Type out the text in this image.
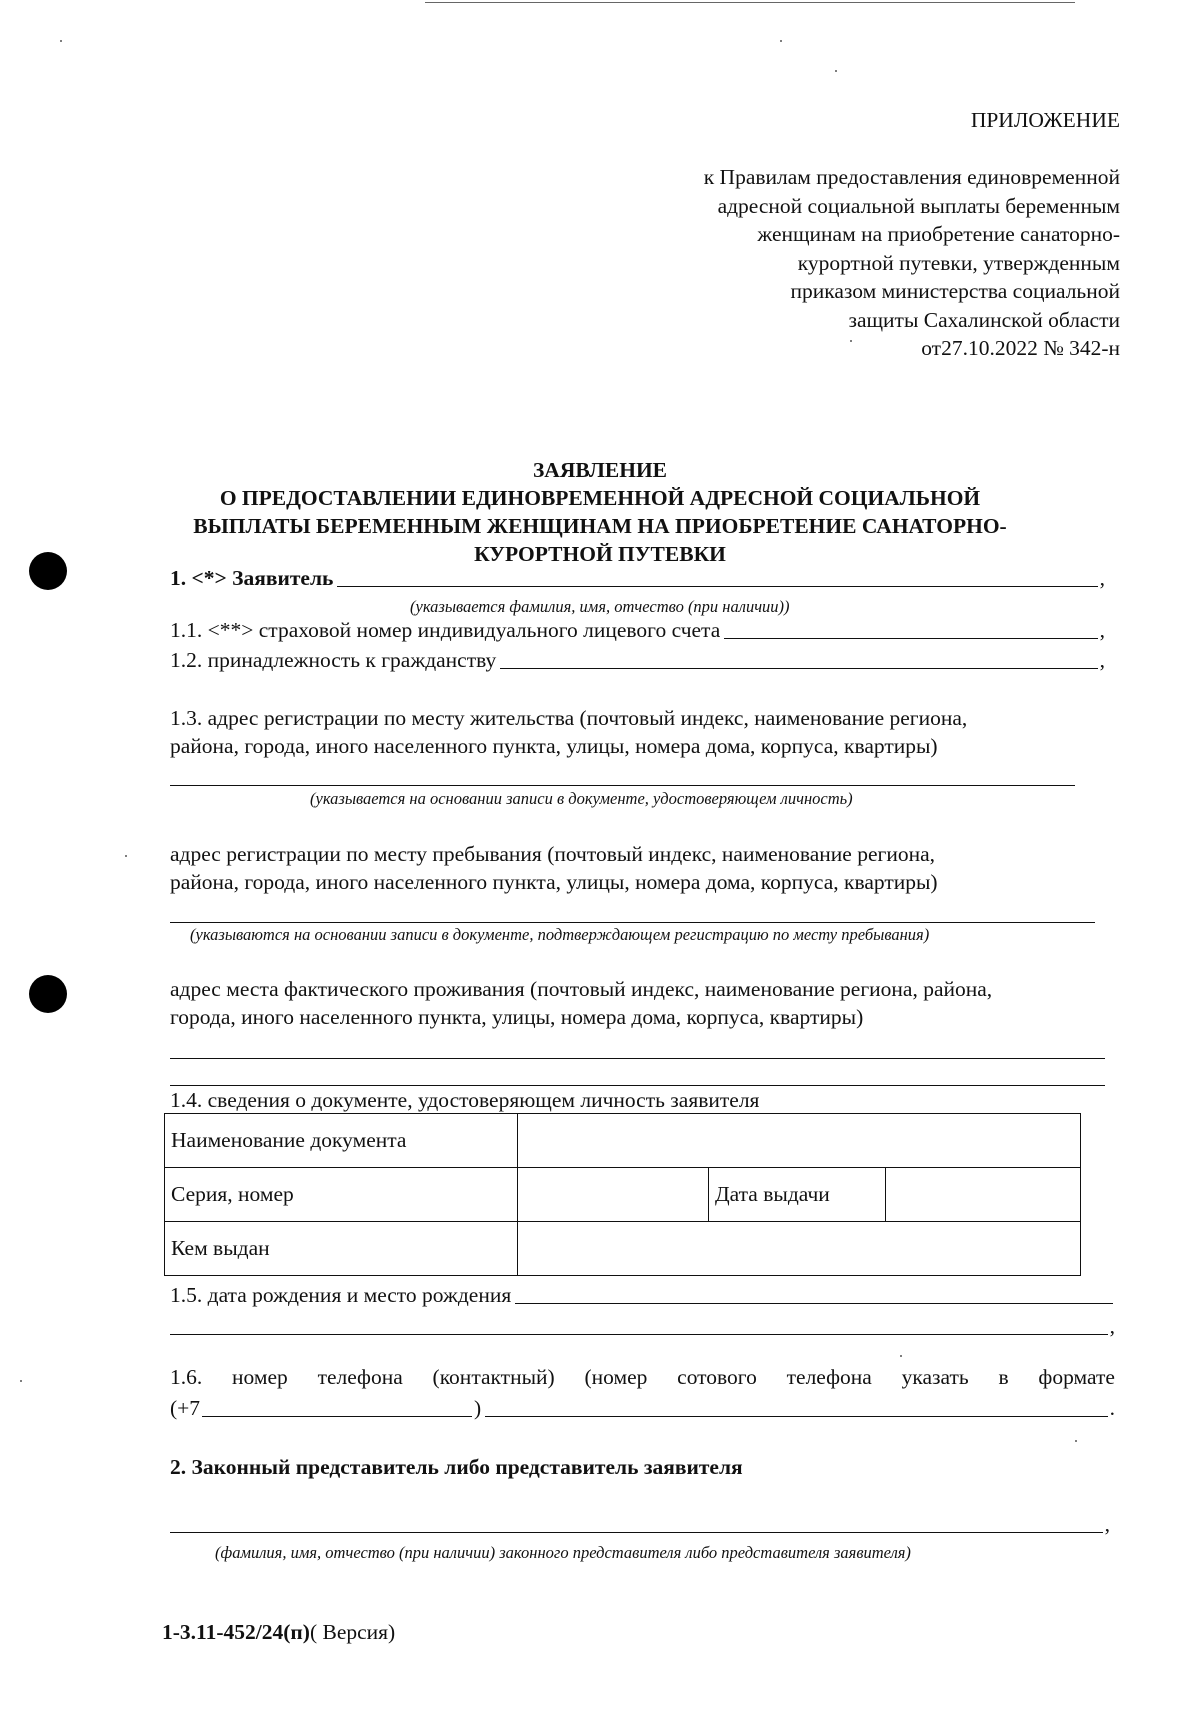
ПРИЛОЖЕНИЕ
к Правилам предоставления единовременной
адресной социальной выплаты беременным
женщинам на приобретение санаторно-
курортной путевки, утвержденным
приказом министерства социальной
защиты Сахалинской области
от27.10.2022 № 342-н
ЗАЯВЛЕНИЕ
О ПРЕДОСТАВЛЕНИИ ЕДИНОВРЕМЕННОЙ АДРЕСНОЙ СОЦИАЛЬНОЙ
ВЫПЛАТЫ БЕРЕМЕННЫМ ЖЕНЩИНАМ НА ПРИОБРЕТЕНИЕ САНАТОРНО-
КУРОРТНОЙ ПУТЕВКИ
1. <*> Заявитель	,
(указывается фамилия, имя, отчество (при наличии))
1.1. <**> страховой номер индивидуального лицевого счета	,
1.2. принадлежность к гражданству	,
1.3. адрес регистрации по месту жительства (почтовый индекс, наименование региона,
района, города, иного населенного пункта, улицы, номера дома, корпуса, квартиры)
(указывается на основании записи в документе, удостоверяющем личность)
адрес регистрации по месту пребывания (почтовый индекс, наименование региона,
района, города, иного населенного пункта, улицы, номера дома, корпуса, квартиры)
(указываются на основании записи в документе, подтверждающем регистрацию по месту пребывания)
адрес места фактического проживания (почтовый индекс, наименование региона, района,
города, иного населенного пункта, улицы, номера дома, корпуса, квартиры)
1.4. сведения о документе, удостоверяющем личность заявителя
Наименование документа			
Серия, номер		Дата выдачи	
Кем выдан			
1.5. дата рождения и место рождения
,
1.6. номер телефона (контактный) (номер сотового телефона указать в формате
(+7	)	.
2. Законный представитель либо представитель заявителя
,
(фамилия, имя, отчество (при наличии) законного представителя либо представителя заявителя)
1-3.11-452/24(п)( Версия)
